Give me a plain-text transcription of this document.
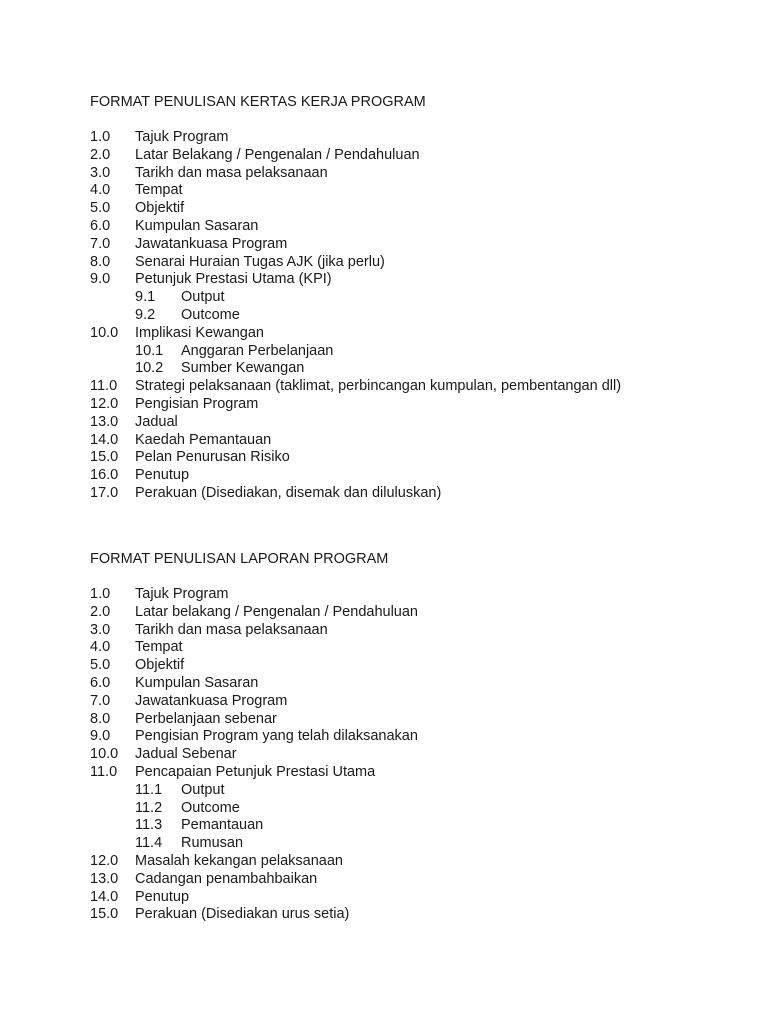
FORMAT PENULISAN KERTAS KERJA PROGRAM
1.0 Tajuk Program
2.0 Latar Belakang / Pengenalan / Pendahuluan
3.0 Tarikh dan masa pelaksanaan
4.0 Tempat
5.0 Objektif
6.0 Kumpulan Sasaran
7.0 Jawatankuasa Program
8.0 Senarai Huraian Tugas AJK (jika perlu)
9.0 Petunjuk Prestasi Utama (KPI)
9.1 Output
9.2 Outcome
10.0 Implikasi Kewangan
10.1 Anggaran Perbelanjaan
10.2 Sumber Kewangan
11.0 Strategi pelaksanaan (taklimat, perbincangan kumpulan, pembentangan dll)
12.0 Pengisian Program
13.0 Jadual
14.0 Kaedah Pemantauan
15.0 Pelan Penurusan Risiko
16.0 Penutup
17.0 Perakuan (Disediakan, disemak dan diluluskan)
FORMAT PENULISAN LAPORAN PROGRAM
1.0 Tajuk Program
2.0 Latar belakang / Pengenalan / Pendahuluan
3.0 Tarikh dan masa pelaksanaan
4.0 Tempat
5.0 Objektif
6.0 Kumpulan Sasaran
7.0 Jawatankuasa Program
8.0 Perbelanjaan sebenar
9.0 Pengisian Program yang telah dilaksanakan
10.0 Jadual Sebenar
11.0 Pencapaian Petunjuk Prestasi Utama
11.1 Output
11.2 Outcome
11.3 Pemantauan
11.4 Rumusan
12.0 Masalah kekangan pelaksanaan
13.0 Cadangan penambahbaikan
14.0 Penutup
15.0 Perakuan (Disediakan urus setia)
